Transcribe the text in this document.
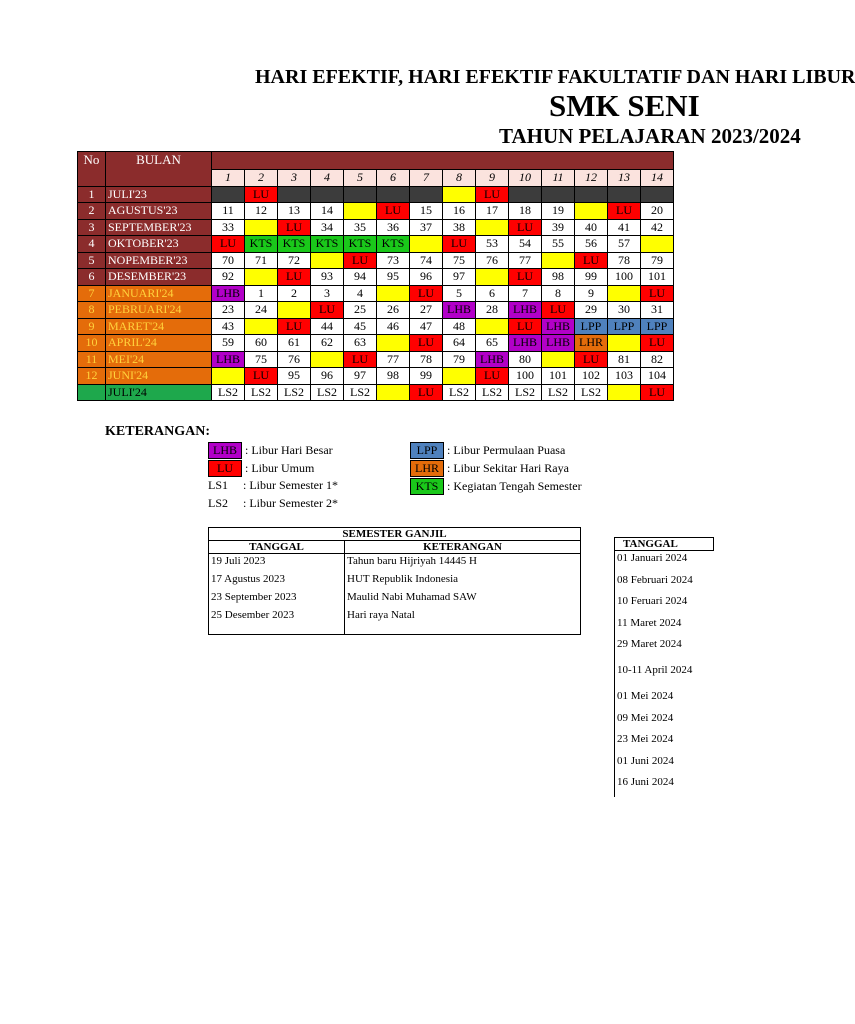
HARI EFEKTIF, HARI EFEKTIF FAKULTATIF DAN HARI LIBUR
SMK SENI
TAHUN PELAJARAN 2023/2024
No	BULAN														
		1	2	3	4	5	6	7	8	9	10	11	12	13	14
1	JULI'23		LU							LU					
2	AGUSTUS'23	11	12	13	14		LU	15	16	17	18	19		LU	20
3	SEPTEMBER'23	33		LU	34	35	36	37	38		LU	39	40	41	42
4	OKTOBER'23	LU	KTS	KTS	KTS	KTS	KTS		LU	53	54	55	56	57	
5	NOPEMBER'23	70	71	72		LU	73	74	75	76	77		LU	78	79
6	DESEMBER'23	92		LU	93	94	95	96	97		LU	98	99	100	101
7	JANUARI'24	LHB	1	2	3	4		LU	5	6	7	8	9		LU
8	PEBRUARI'24	23	24		LU	25	26	27	LHB	28	LHB	LU	29	30	31
9	MARET'24	43		LU	44	45	46	47	48		LU	LHB	LPP	LPP	LPP
10	APRIL'24	59	60	61	62	63		LU	64	65	LHB	LHB	LHR		LU
11	MEI'24	LHB	75	76		LU	77	78	79	LHB	80		LU	81	82
12	JUNI'24		LU	95	96	97	98	99		LU	100	101	102	103	104
	JULI'24	LS2	LS2	LS2	LS2	LS2		LU	LS2	LS2	LS2	LS2	LS2		LU
KETERANGAN:
LHB : Libur Hari Besar
LU	: Libur Umum
LS1	: Libur Semester 1*
LS2	: Libur Semester 2*
LPP : Libur Permulaan Puasa
LHR : Libur Sekitar Hari Raya
KTS : Kegiatan Tengah Semester
SEMESTER GANJIL	
TANGGAL	KETERANGAN
19 Juli 2023	Tahun baru Hijriyah 14445 H
17 Agustus 2023	HUT Republik Indonesia
23 September 2023	Maulid Nabi Muhamad SAW
25 Desember 2023	Hari raya Natal

TANGGAL
01 Januari 2024
08 Februari 2024
10 Feruari 2024
11 Maret 2024
29 Maret 2024
10-11 April 2024
01 Mei 2024
09 Mei 2024
23 Mei 2024
01 Juni 2024
16 Juni 2024
